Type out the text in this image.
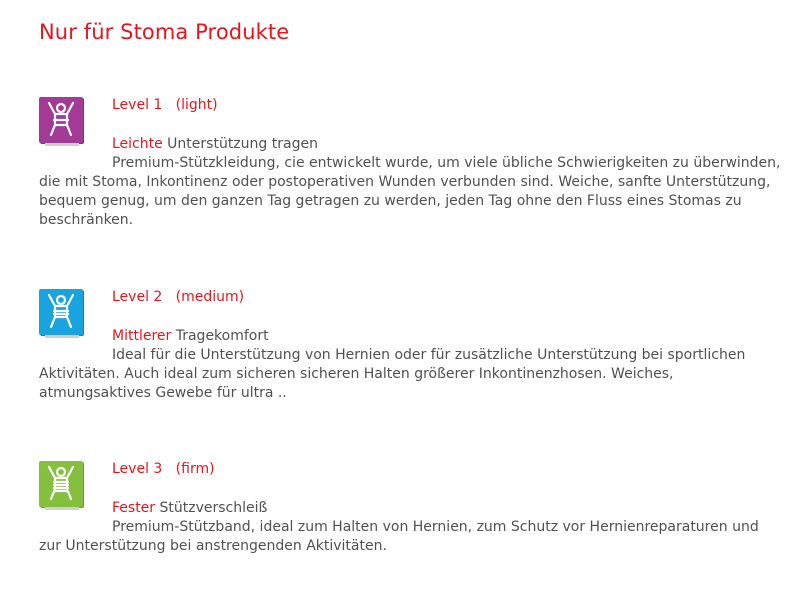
Nur für Stoma Produkte
Level 1   (light)

Leichte Unterstützung tragen
Premium-Stützkleidung, cie entwickelt wurde, um viele übliche Schwierigkeiten zu überwinden, die mit Stoma, Inkontinenz oder postoperativen Wunden verbunden sind. Weiche, sanfte Unterstützung, bequem genug, um den ganzen Tag getragen zu werden, jeden Tag ohne den Fluss eines Stomas zu beschränken.

Level 2   (medium)

Mittlerer Tragekomfort
Ideal für die Unterstützung von Hernien oder für zusätzliche Unterstützung bei sportlichen Aktivitäten. Auch ideal zum sicheren sicheren Halten größerer Inkontinenzhosen. Weiches, atmungsaktives Gewebe für ultra ..

Level 3   (firm)

Fester Stützverschleiß
Premium-Stützband, ideal zum Halten von Hernien, zum Schutz vor Hernienreparaturen und zur Unterstützung bei anstrengenden Aktivitäten.
